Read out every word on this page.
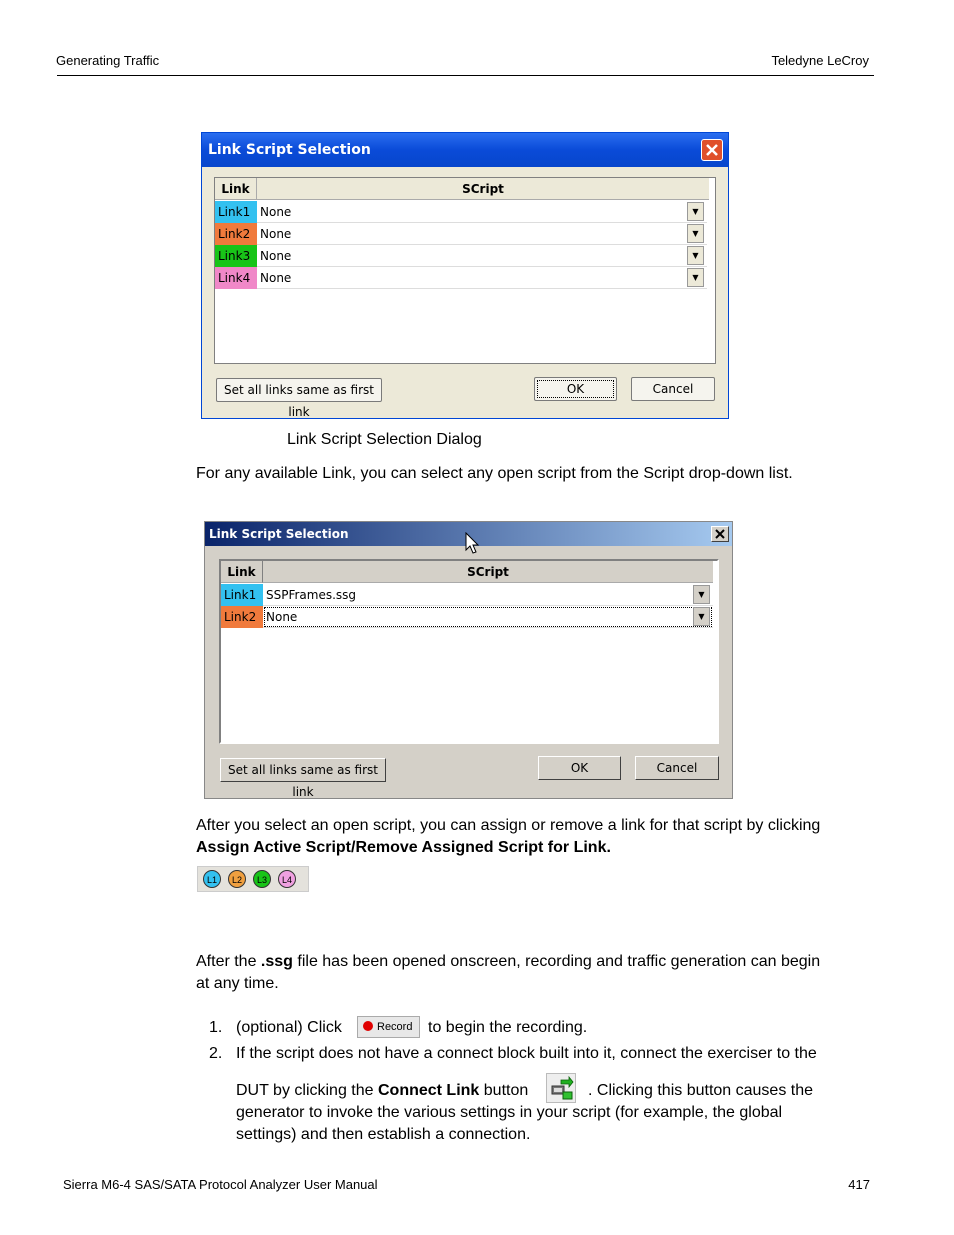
Generating Traffic	Teledyne LeCroy
Link Script Selection
Link	SCript
Link1 None	▼
Link2 None	▼
Link3 None	▼
Link4 None	▼
Set all links same as first link
OK	Cancel
Link Script Selection Dialog
For any available Link, you can select any open script from the Script drop-down list.
Link Script Selection
Link	SCript
Link1 SSPFrames.ssg	▼
Link2 None	▼
Set all links same as first link
OK	Cancel
After you select an open script, you can assign or remove a link for that script by clicking
Assign Active Script/Remove Assigned Script for Link.
L1 L2 L3 L4
After the .ssg file has been opened onscreen, recording and traffic generation can begin
at any time.
1. (optional) Click	Record to begin the recording.
2. If the script does not have a connect block built into it, connect the exerciser to the
DUT by clicking the Connect Link button	. Clicking this button causes the
generator to invoke the various settings in your script (for example, the global
settings) and then establish a connection.
Sierra M6-4 SAS/SATA Protocol Analyzer User Manual	417
